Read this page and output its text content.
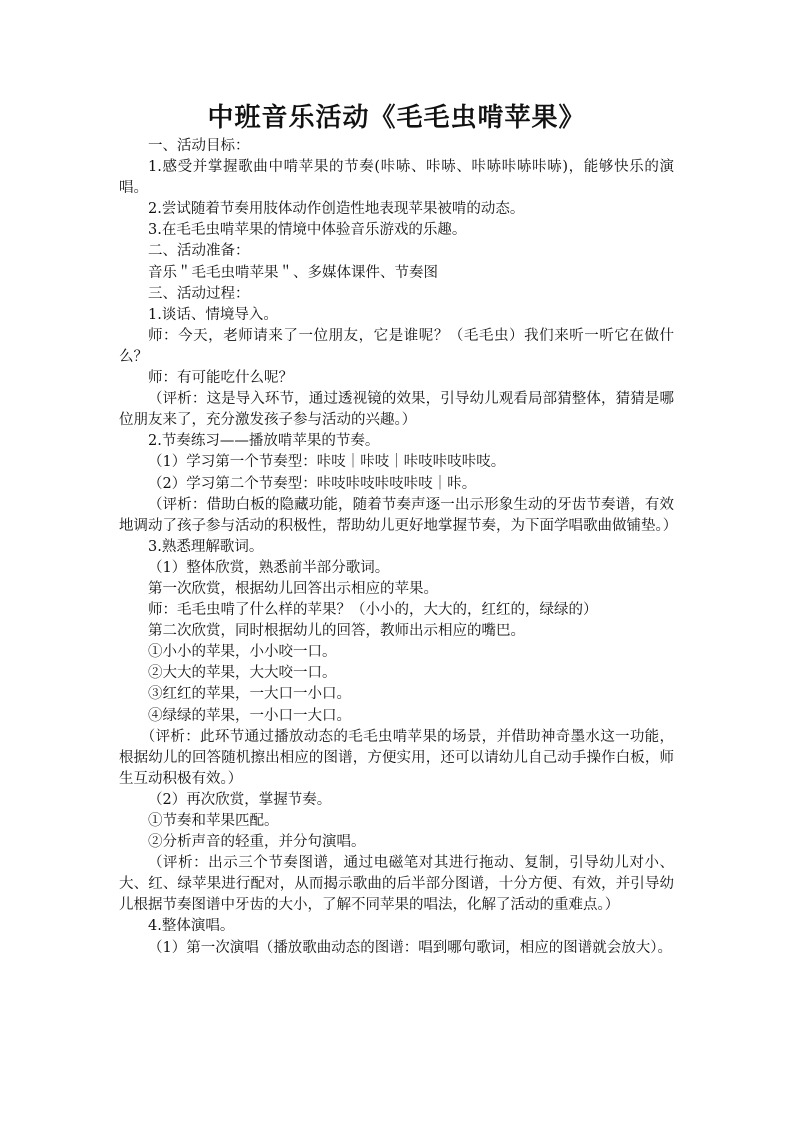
中班音乐活动《毛毛虫啃苹果》

一、活动目标：

1.感受并掌握歌曲中啃苹果的节奏(咔哧、咔哧、咔哧咔哧咔哧)，能够快乐的演唱。

2.尝试随着节奏用肢体动作创造性地表现苹果被啃的动态。

3.在毛毛虫啃苹果的情境中体验音乐游戏的乐趣。

二、活动准备：

音乐＂毛毛虫啃苹果＂、多媒体课件、节奏图

三、活动过程：

1.谈话、情境导入。

师：今天，老师请来了一位朋友，它是谁呢？（毛毛虫）我们来听一听它在做什么？

师：有可能吃什么呢？

（评析：这是导入环节，通过透视镜的效果，引导幼儿观看局部猜整体，猜猜是哪位朋友来了，充分激发孩子参与活动的兴趣。）

2.节奏练习——播放啃苹果的节奏。

（1）学习第一个节奏型：咔吱｜咔吱｜咔吱咔吱咔吱。

（2）学习第二个节奏型：咔吱咔吱咔吱咔吱｜咔。

（评析：借助白板的隐藏功能，随着节奏声逐一出示形象生动的牙齿节奏谱，有效地调动了孩子参与活动的积极性，帮助幼儿更好地掌握节奏，为下面学唱歌曲做铺垫。）

3.熟悉理解歌词。

（1）整体欣赏，熟悉前半部分歌词。

第一次欣赏，根据幼儿回答出示相应的苹果。

师：毛毛虫啃了什么样的苹果？（小小的，大大的，红红的，绿绿的）

第二次欣赏，同时根据幼儿的回答，教师出示相应的嘴巴。

①小小的苹果，小小咬一口。

②大大的苹果，大大咬一口。

③红红的苹果，一大口一小口。

④绿绿的苹果，一小口一大口。

（评析：此环节通过播放动态的毛毛虫啃苹果的场景，并借助神奇墨水这一功能，根据幼儿的回答随机擦出相应的图谱，方便实用，还可以请幼儿自己动手操作白板，师生互动积极有效。）

（2）再次欣赏，掌握节奏。

①节奏和苹果匹配。

②分析声音的轻重，并分句演唱。

（评析：出示三个节奏图谱，通过电磁笔对其进行拖动、复制，引导幼儿对小、大、红、绿苹果进行配对，从而揭示歌曲的后半部分图谱，十分方便、有效，并引导幼儿根据节奏图谱中牙齿的大小，了解不同苹果的唱法，化解了活动的重难点。）

4.整体演唱。

（1）第一次演唱（播放歌曲动态的图谱：唱到哪句歌词，相应的图谱就会放大）。
